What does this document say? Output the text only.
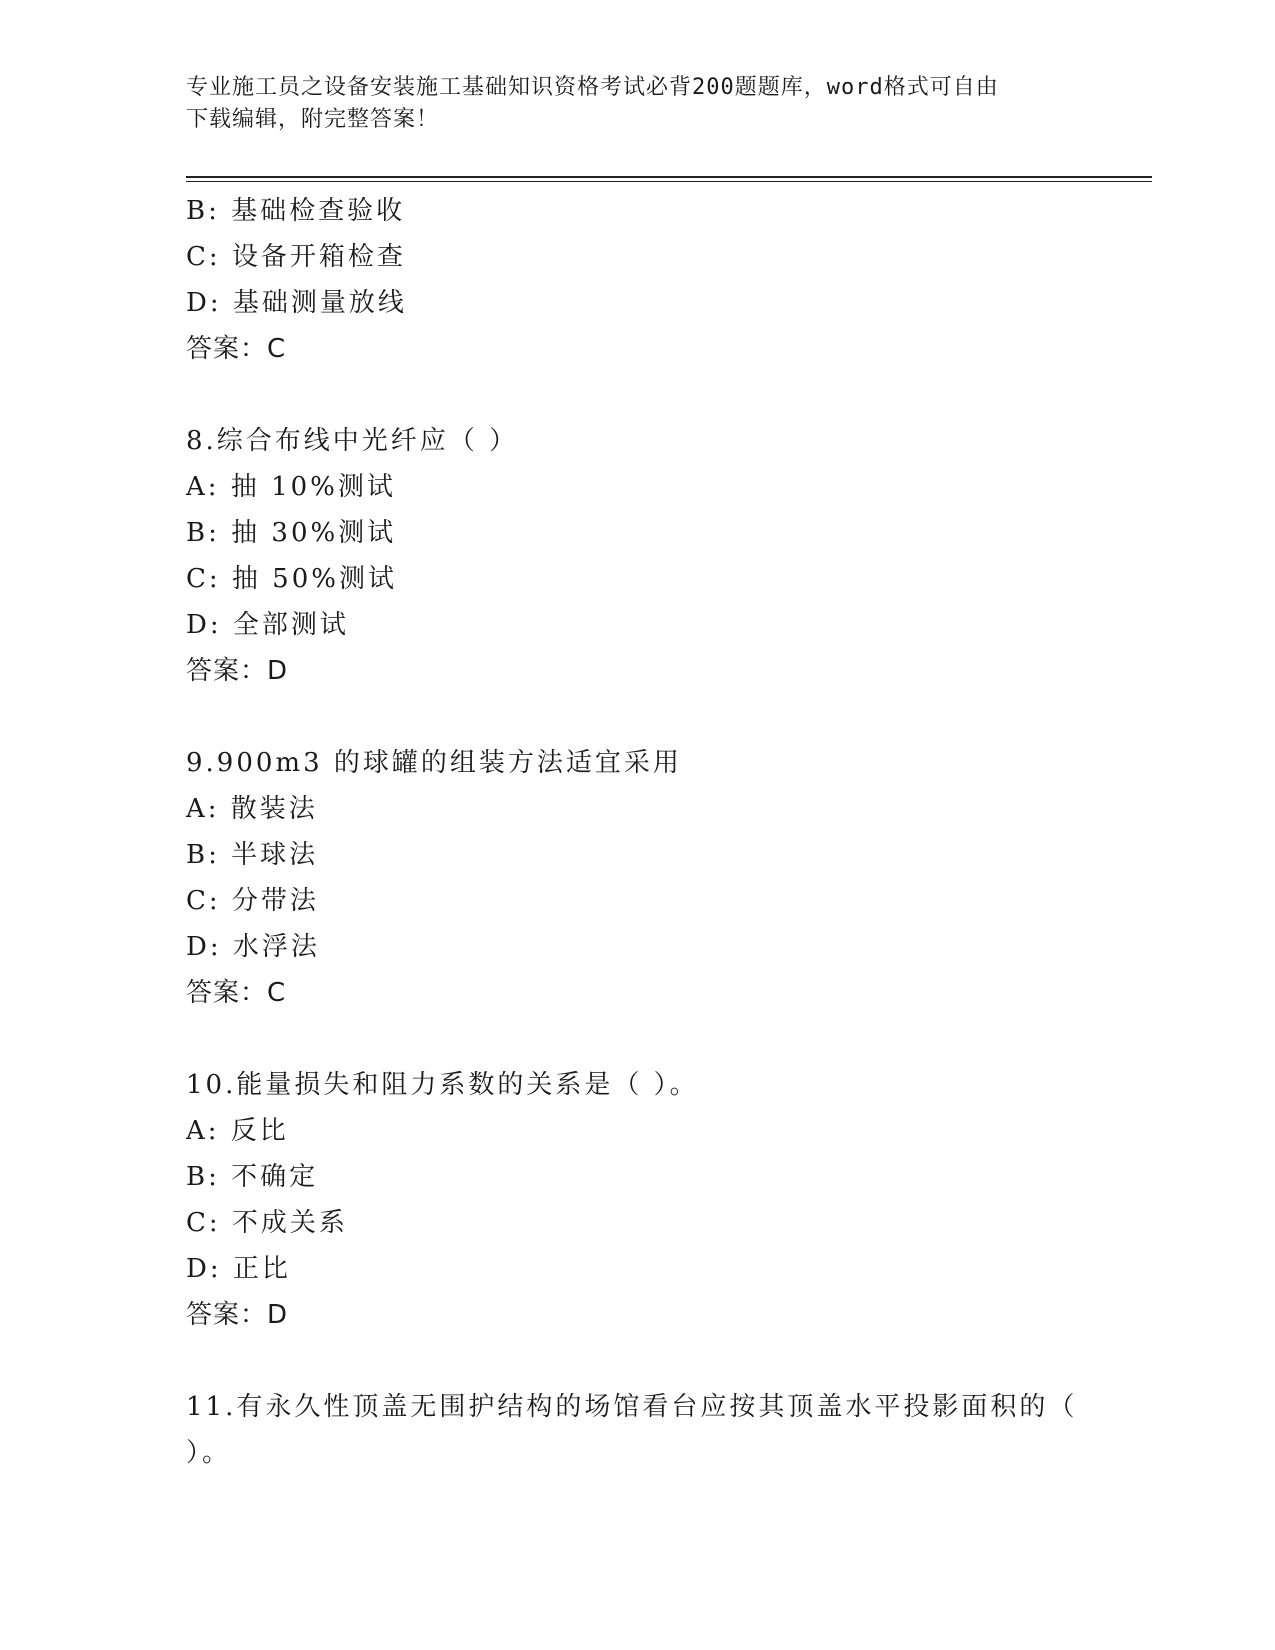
专业施工员之设备安装施工基础知识资格考试必背200题题库，word格式可自由
下载编辑，附完整答案！
B: 基础检查验收
C: 设备开箱检查
D: 基础测量放线
答案：C
8.综合布线中光纤应（ ）
A: 抽 10%测试
B: 抽 30%测试
C: 抽 50%测试
D: 全部测试
答案：D
9.900m3 的球罐的组装方法适宜采用
A: 散装法
B: 半球法
C: 分带法
D: 水浮法
答案：C
10.能量损失和阻力系数的关系是（ ）。
A: 反比
B: 不确定
C: 不成关系
D: 正比
答案：D
11.有永久性顶盖无围护结构的场馆看台应按其顶盖水平投影面积的（
）。
